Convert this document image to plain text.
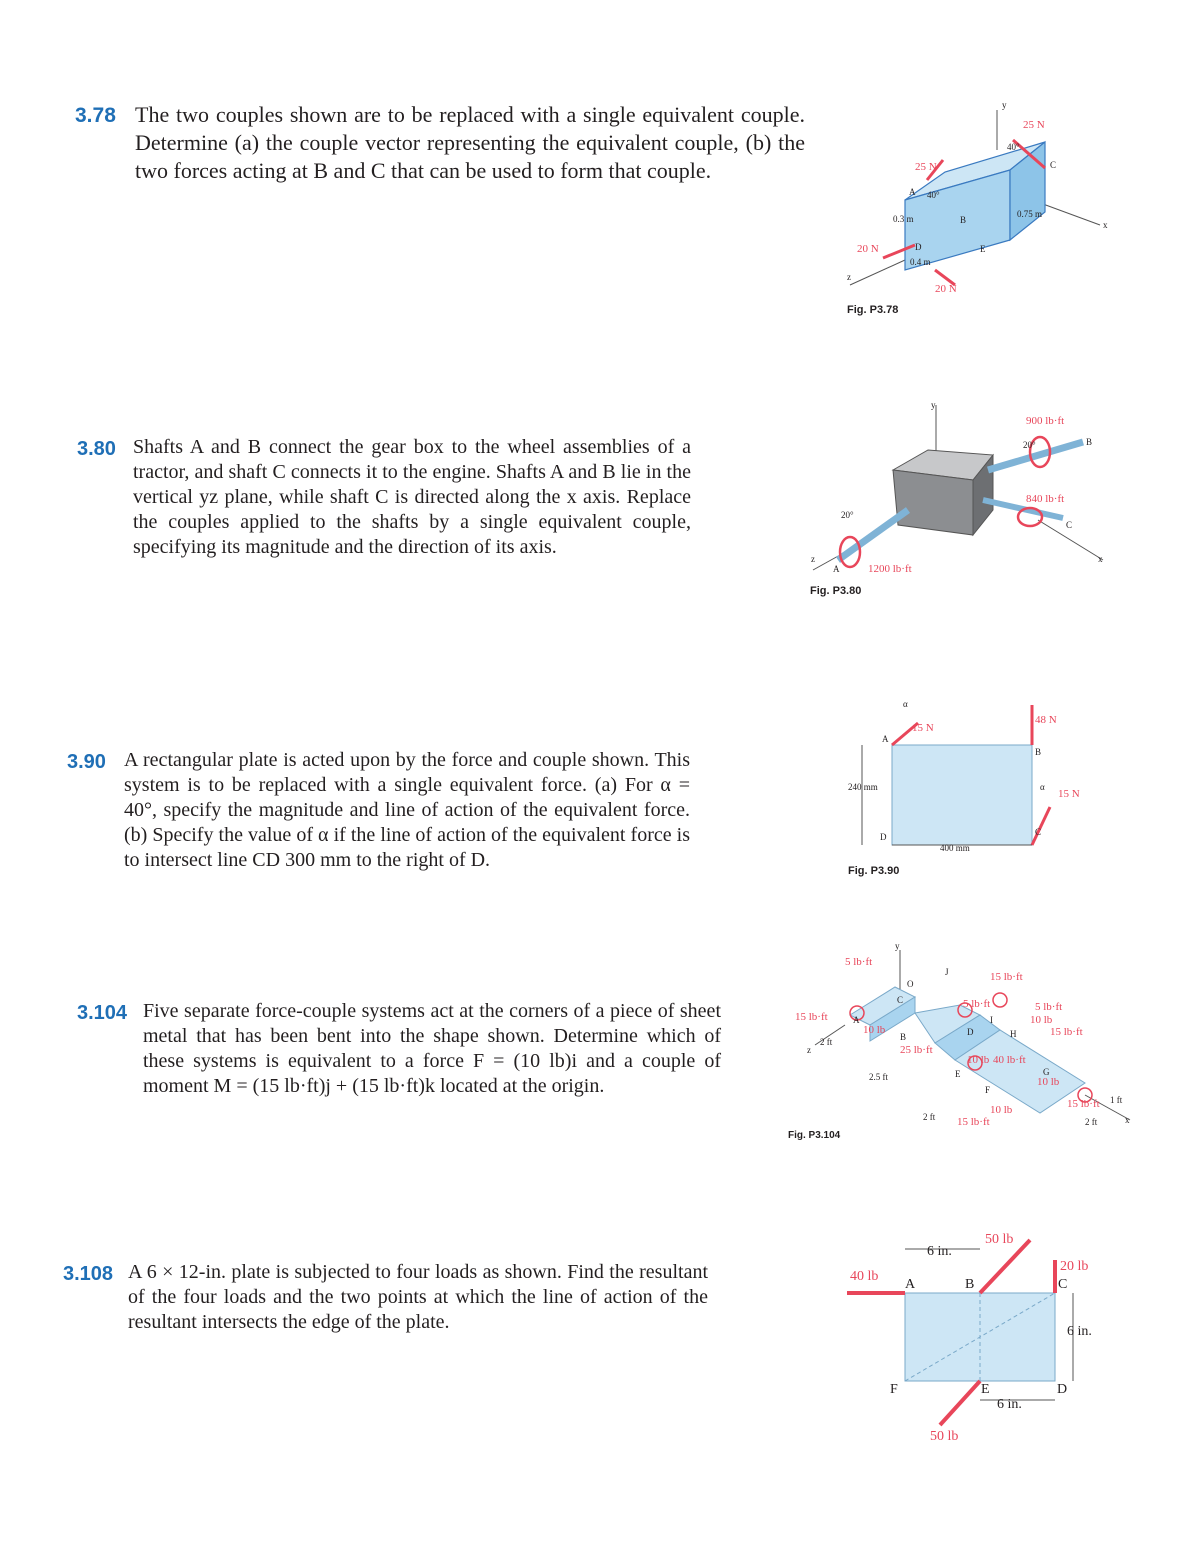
3.78 The two couples shown are to be replaced with a single equivalent couple. Determine (a) the couple vector representing the equivalent couple, (b) the two forces acting at B and C that can be used to form that couple.
y
25 N
40°
C
x
0.75 m
E
20 N
B
A
25 N
40°
0.3 m
20 N	D
0.4 m
z
Fig. P3.78
3.80 Shafts A and B connect the gear box to the wheel assemblies of a tractor, and shaft C connects it to the engine. Shafts A and B lie in the vertical yz plane, while shaft C is directed along the x axis. Replace the couples applied to the shafts by a single equivalent couple, specifying its magnitude and the direction of its axis.
y
900 lb·ft
20°	B
840 lb·ft
C
x
20°
z
A	1200 lb·ft
Fig. P3.80
3.90 A rectangular plate is acted upon by the force and couple shown. This system is to be replaced with a single equivalent force. (a) For α = 40°, specify the magnitude and line of action of the equivalent force. (b) Specify the value of α if the line of action of the equivalent force is to intersect line CD 300 mm to the right of D.
α
15 N
A
48 N
B
240 mm	α
15 N
C
D
400 mm
Fig. P3.90
3.104 Five separate force-couple systems act at the corners of a piece of sheet metal that has been bent into the shape shown. Determine which of these systems is equivalent to a force F = (10 lb)i and a couple of moment M = (15 lb·ft)j + (15 lb·ft)k located at the origin.
y
5 lb·ft
O
J	15 lb·ft
C	5 lb·ft
15 lb·ft	A
10 lb
I
5 lb·ft
10 lb
15 lb·ft
2 ft	B	D	H
25 lb·ft
10 lb 40 lb·ft
z
2.5 ft	E	G
10 lb
F
2 ft
10 lb
15 lb·ft
15 lb·ft
2 ft
1 ft
x
Fig. P3.104
3.108 A 6 × 12-in. plate is subjected to four loads as shown. Find the resultant of the four loads and the two points at which the line of action of the resultant intersects the edge of the plate.
6 in.
50 lb
40 lb
A	B
20 lb
C
6 in.
F	E	D
6 in.
50 lb
